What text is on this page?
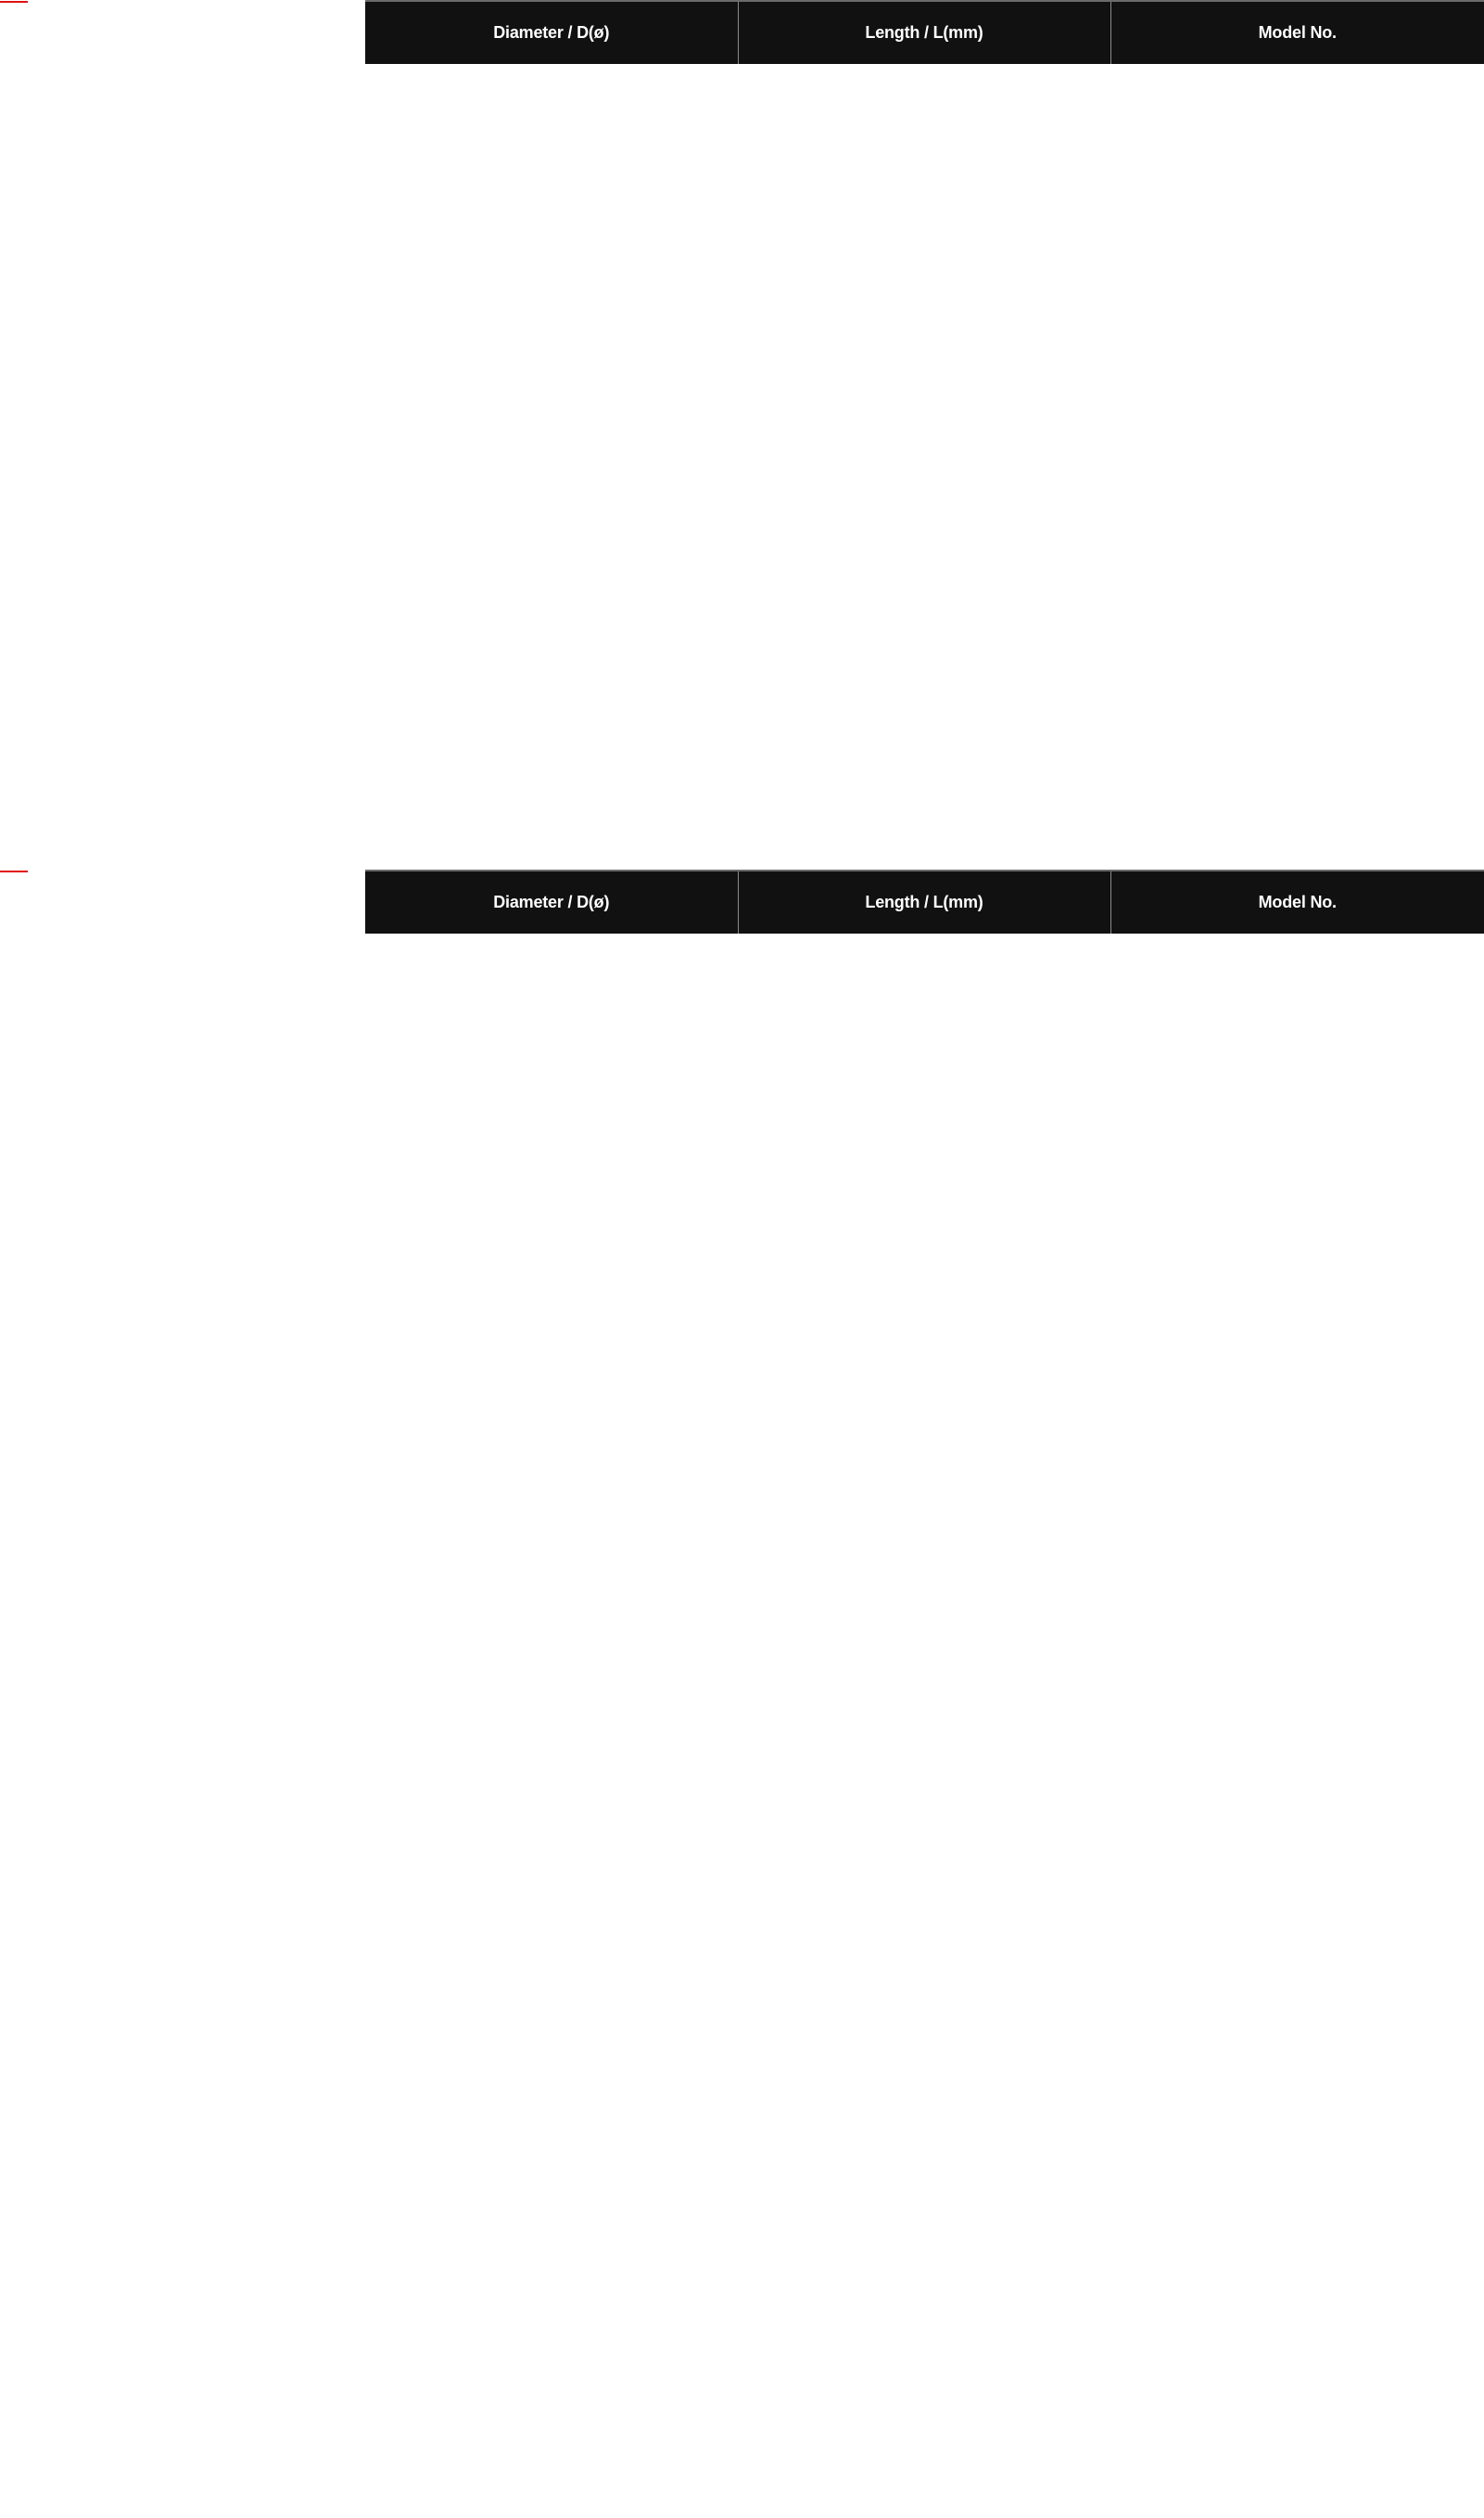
Diameter / D(ø)	Length / L(mm)	Model No.
Diameter / D(ø)	Length / L(mm)	Model No.
